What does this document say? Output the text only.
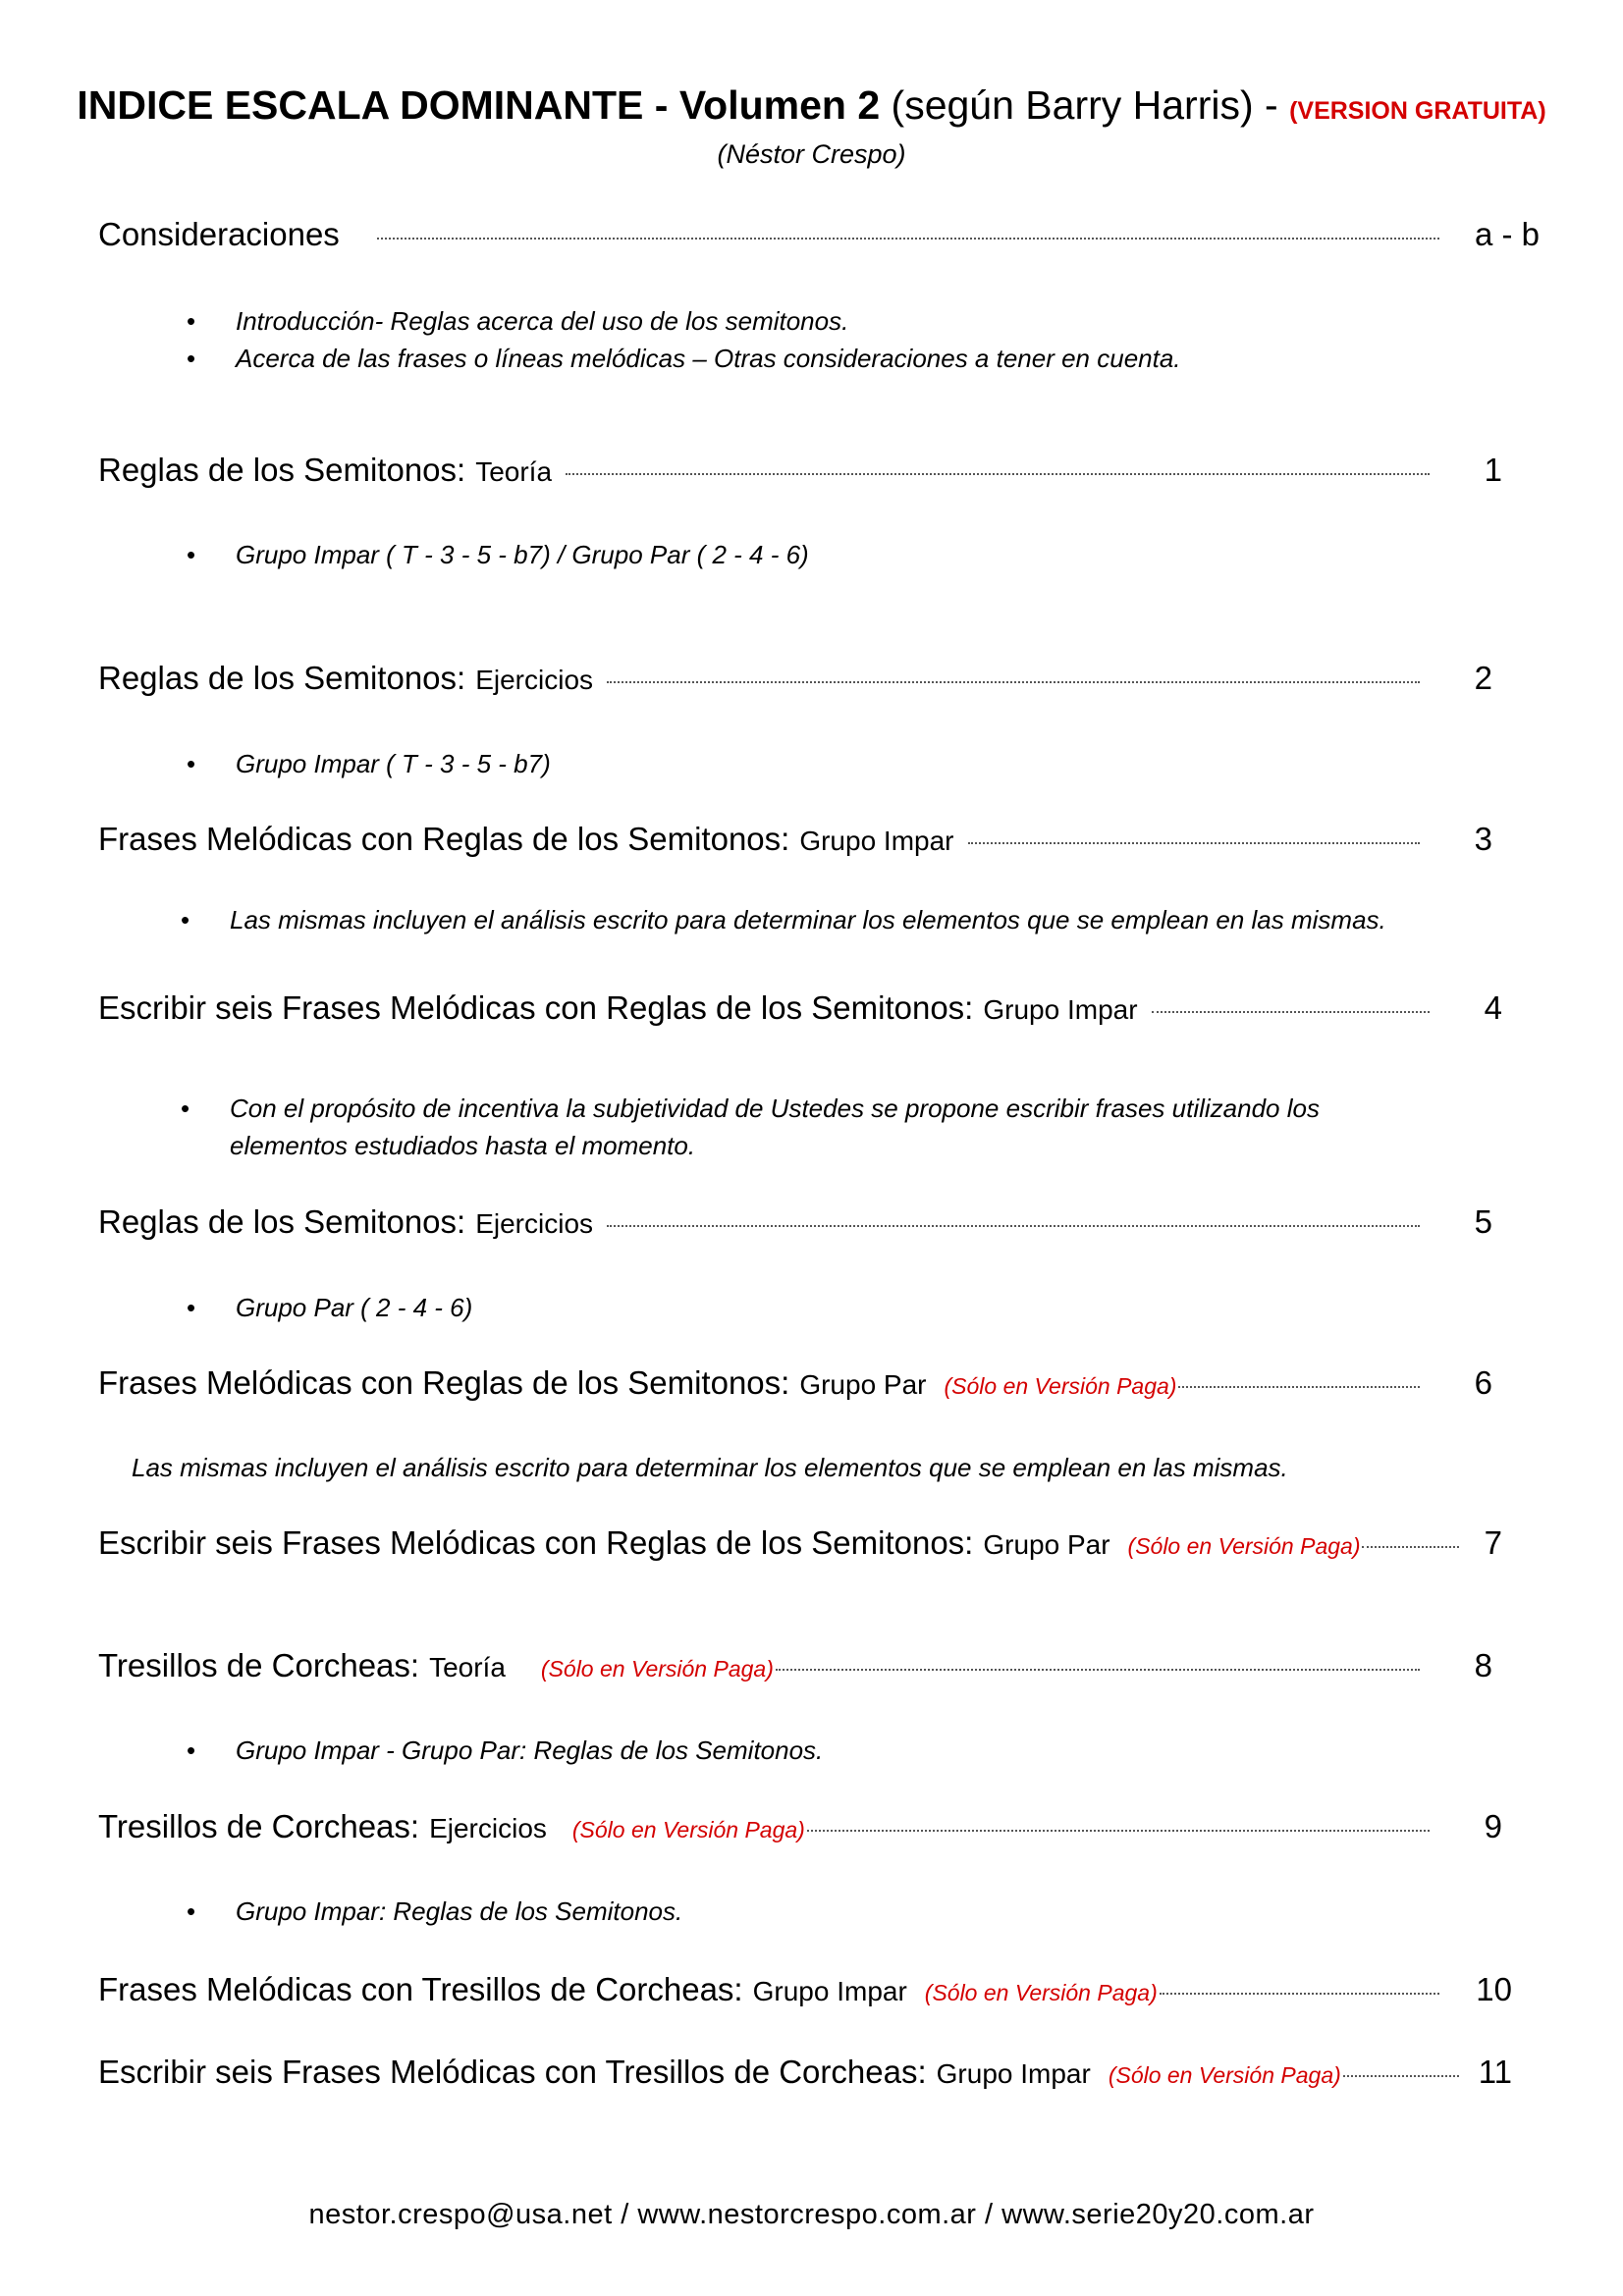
INDICE ESCALA DOMINANTE - Volumen 2 (según Barry Harris) - (VERSION GRATUITA)
(Néstor Crespo)
Consideraciones	a - b
• Introducción- Reglas acerca del uso de los semitonos.
• Acerca de las frases o líneas melódicas – Otras consideraciones a tener en cuenta.
Reglas de los Semitonos: Teoría	1
• Grupo Impar ( T - 3 - 5 - b7) / Grupo Par ( 2 - 4 - 6)
Reglas de los Semitonos: Ejercicios	2
• Grupo Impar ( T - 3 - 5 - b7)
Frases Melódicas con Reglas de los Semitonos: Grupo Impar	3
• Las mismas incluyen el análisis escrito para determinar los elementos que se emplean en las mismas.
Escribir seis Frases Melódicas con Reglas de los Semitonos: Grupo Impar	4
• Con el propósito de incentiva la subjetividad de Ustedes se propone escribir frases utilizando los
elementos estudiados hasta el momento.
Reglas de los Semitonos: Ejercicios	5
• Grupo Par ( 2 - 4 - 6)
Frases Melódicas con Reglas de los Semitonos: Grupo Par (Sólo en Versión Paga)	6
Las mismas incluyen el análisis escrito para determinar los elementos que se emplean en las mismas.
Escribir seis Frases Melódicas con Reglas de los Semitonos: Grupo Par (Sólo en Versión Paga)	7
Tresillos de Corcheas: Teoría (Sólo en Versión Paga)	8
• Grupo Impar - Grupo Par: Reglas de los Semitonos.
Tresillos de Corcheas: Ejercicios (Sólo en Versión Paga)	9
• Grupo Impar: Reglas de los Semitonos.
Frases Melódicas con Tresillos de Corcheas: Grupo Impar (Sólo en Versión Paga)	10
Escribir seis Frases Melódicas con Tresillos de Corcheas: Grupo Impar (Sólo en Versión Paga)	11
nestor.crespo@usa.net / www.nestorcrespo.com.ar / www.serie20y20.com.ar
